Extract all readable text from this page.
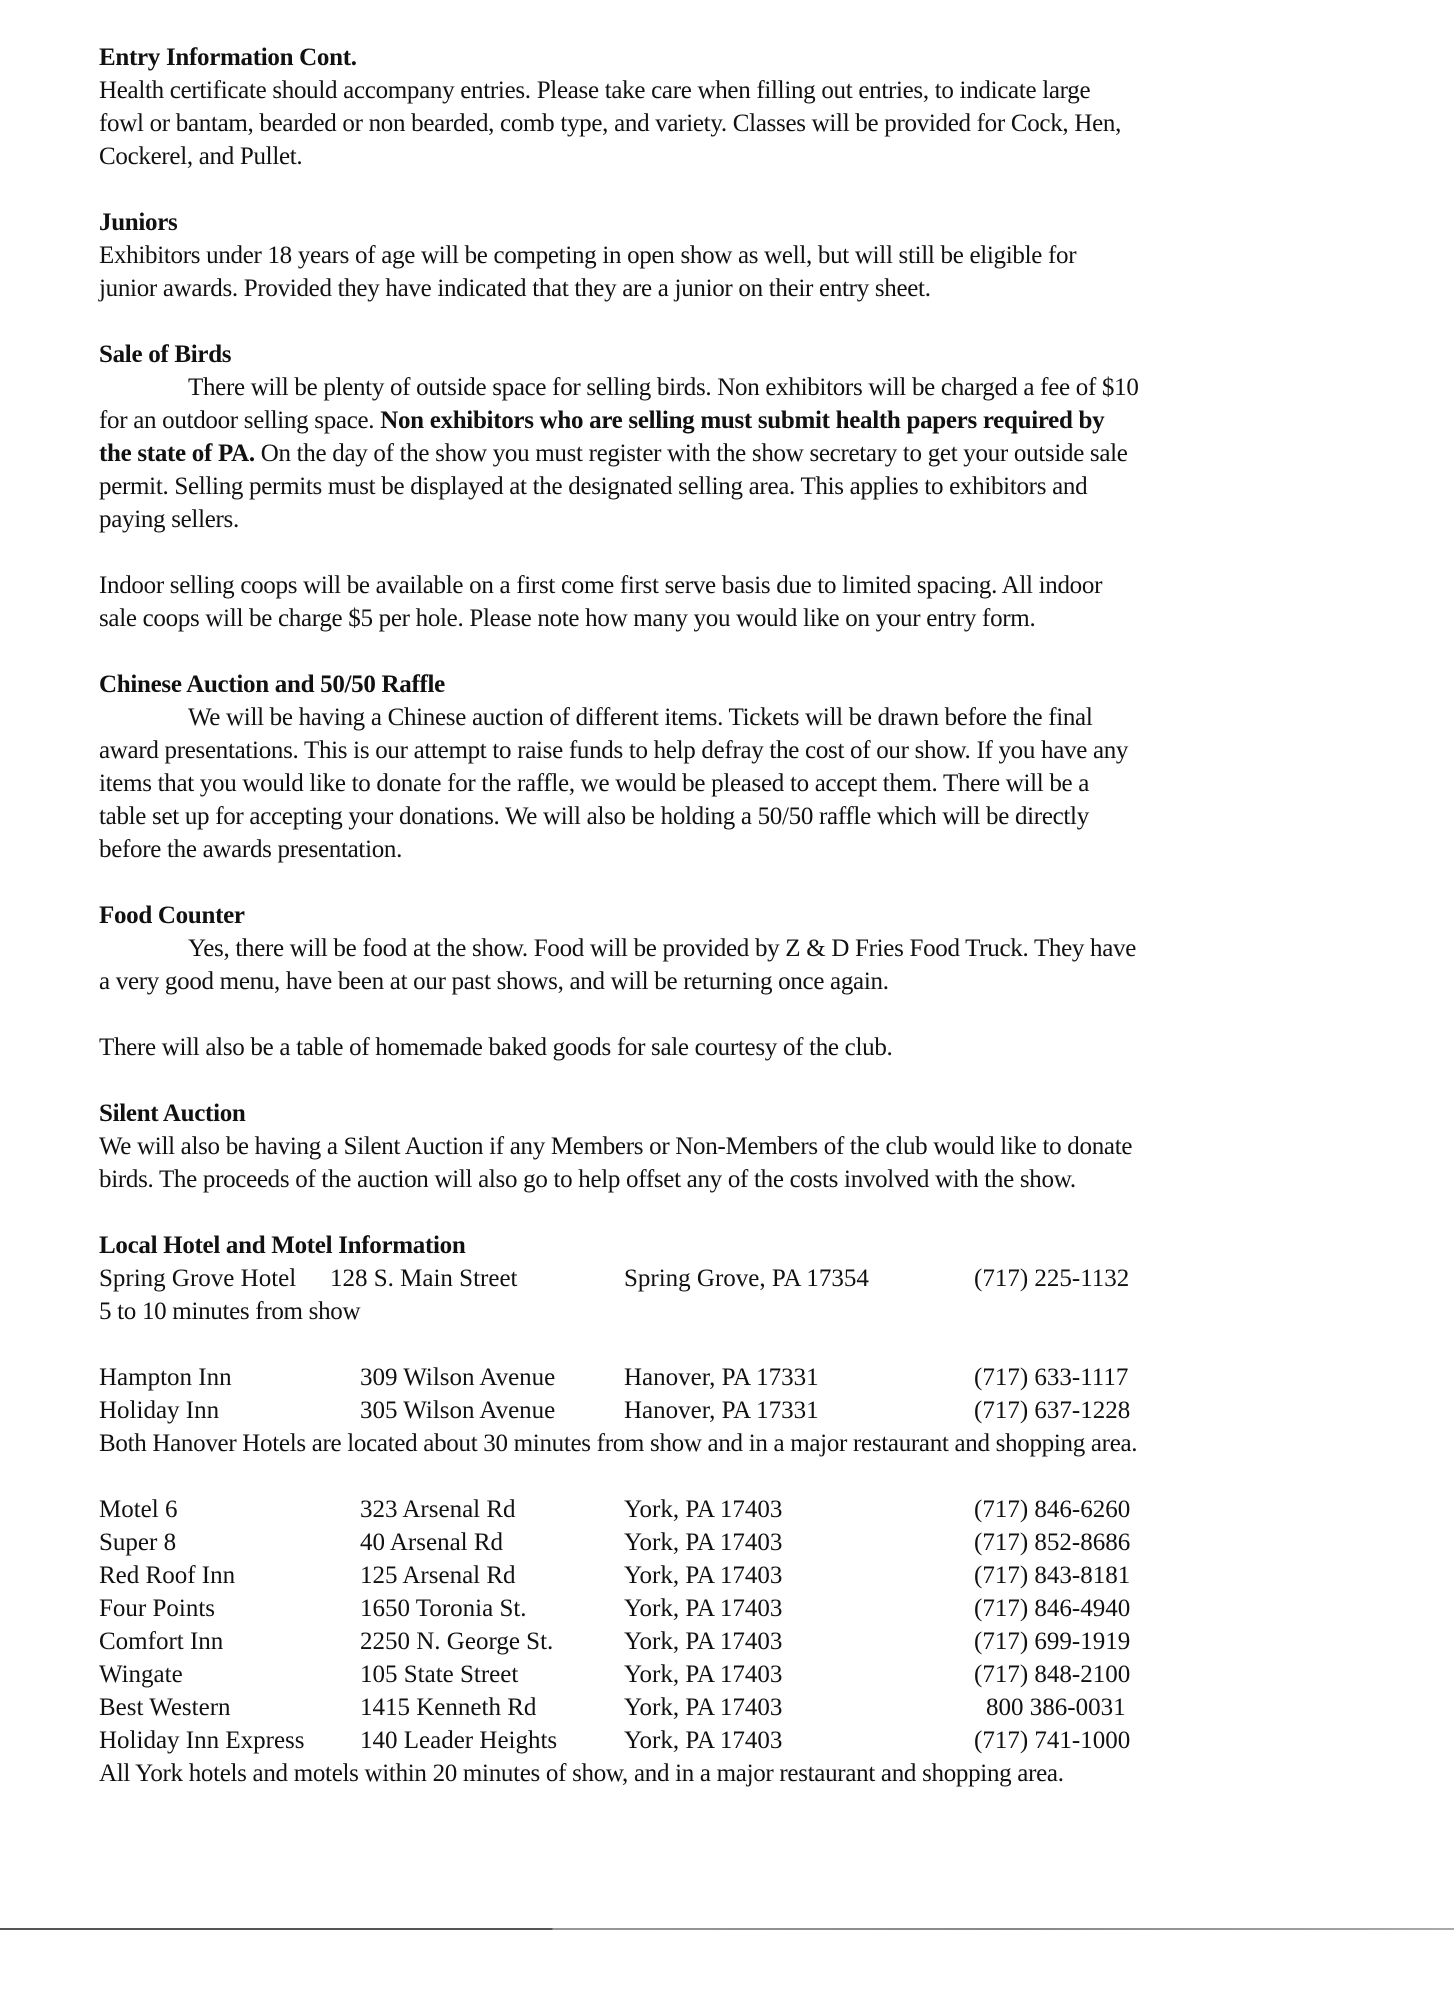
Entry Information Cont.
Health certificate should accompany entries. Please take care when filling out entries, to indicate large
fowl or bantam, bearded or non bearded, comb type, and variety. Classes will be provided for Cock, Hen,
Cockerel, and Pullet.
Juniors
Exhibitors under 18 years of age will be competing in open show as well, but will still be eligible for
junior awards. Provided they have indicated that they are a junior on their entry sheet.
Sale of Birds
There will be plenty of outside space for selling birds. Non exhibitors will be charged a fee of $10
for an outdoor selling space. Non exhibitors who are selling must submit health papers required by
the state of PA. On the day of the show you must register with the show secretary to get your outside sale
permit. Selling permits must be displayed at the designated selling area. This applies to exhibitors and
paying sellers.
Indoor selling coops will be available on a first come first serve basis due to limited spacing. All indoor
sale coops will be charge $5 per hole. Please note how many you would like on your entry form.
Chinese Auction and 50/50 Raffle
We will be having a Chinese auction of different items. Tickets will be drawn before the final
award presentations. This is our attempt to raise funds to help defray the cost of our show. If you have any
items that you would like to donate for the raffle, we would be pleased to accept them. There will be a
table set up for accepting your donations. We will also be holding a 50/50 raffle which will be directly
before the awards presentation.
Food Counter
Yes, there will be food at the show. Food will be provided by Z & D Fries Food Truck. They have
a very good menu, have been at our past shows, and will be returning once again.
There will also be a table of homemade baked goods for sale courtesy of the club.
Silent Auction
We will also be having a Silent Auction if any Members or Non-Members of the club would like to donate
birds. The proceeds of the auction will also go to help offset any of the costs involved with the show.
Local Hotel and Motel Information
Spring Grove Hotel 128 S. Main Street	Spring Grove, PA 17354	(717) 225-1132
5 to 10 minutes from show
Hampton Inn	309 Wilson Avenue	Hanover, PA 17331	(717) 633-1117
Holiday Inn	305 Wilson Avenue	Hanover, PA 17331	(717) 637-1228
Both Hanover Hotels are located about 30 minutes from show and in a major restaurant and shopping area.
Motel 6	323 Arsenal Rd	York, PA 17403	(717) 846-6260
Super 8	40 Arsenal Rd	York, PA 17403	(717) 852-8686
Red Roof Inn	125 Arsenal Rd	York, PA 17403	(717) 843-8181
Four Points	1650 Toronia St.	York, PA 17403	(717) 846-4940
Comfort Inn	2250 N. George St.	York, PA 17403	(717) 699-1919
Wingate	105 State Street	York, PA 17403	(717) 848-2100
Best Western	1415 Kenneth Rd	York, PA 17403	800 386-0031
Holiday Inn Express 140 Leader Heights	York, PA 17403	(717) 741-1000
All York hotels and motels within 20 minutes of show, and in a major restaurant and shopping area.
